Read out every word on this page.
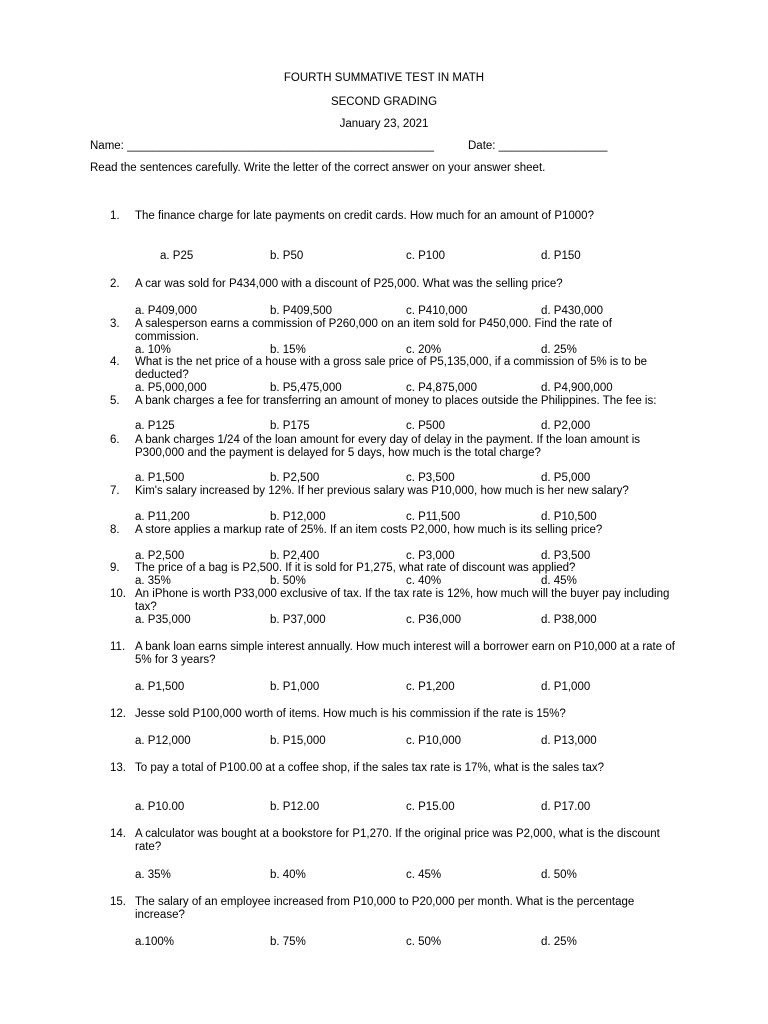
FOURTH SUMMATIVE TEST IN MATH
SECOND GRADING
January 23, 2021
Name: ________________________________________________	Date: _________________
Read the sentences carefully. Write the letter of the correct answer on your answer sheet.
1.	The finance charge for late payments on credit cards. How much for an amount of P1000?
a. P25	b. P50	c. P100	d. P150
2.	A car was sold for P434,000 with a discount of P25,000. What was the selling price?
a. P409,000	b. P409,500	c. P410,000	d. P430,000
3.	A salesperson earns a commission of P260,000 on an item sold for P450,000. Find the rate of commission.
a. 10%	b. 15%	c. 20%	d. 25%
4.	What is the net price of a house with a gross sale price of P5,135,000, if a commission of 5% is to be deducted?
a. P5,000,000	b. P5,475,000	c. P4,875,000	d. P4,900,000
5.	A bank charges a fee for transferring an amount of money to places outside the Philippines. The fee is:
a. P125	b. P175	c. P500	d. P2,000
6.	A bank charges 1/24 of the loan amount for every day of delay in the payment. If the loan amount is P300,000 and the payment is delayed for 5 days, how much is the total charge?
a. P1,500	b. P2,500	c. P3,500	d. P5,000
7.	Kim's salary increased by 12%. If her previous salary was P10,000, how much is her new salary?
a. P11,200	b. P12,000	c. P11,500	d. P10,500
8.	A store applies a markup rate of 25%. If an item costs P2,000, how much is its selling price?
a. P2,500	b. P2,400	c. P3,000	d. P3,500
9.	The price of a bag is P2,500. If it is sold for P1,275, what rate of discount was applied?
a. 35%	b. 50%	c. 40%	d. 45%
10. An iPhone is worth P33,000 exclusive of tax. If the tax rate is 12%, how much will the buyer pay including tax?
a. P35,000	b. P37,000	c. P36,000	d. P38,000
11. A bank loan earns simple interest annually. How much interest will a borrower earn on P10,000 at a rate of 5% for 3 years?
a. P1,500	b. P1,000	c. P1,200	d. P1,000
12. Jesse sold P100,000 worth of items. How much is his commission if the rate is 15%?
a. P12,000	b. P15,000	c. P10,000	d. P13,000
13. To pay a total of P100.00 at a coffee shop, if the sales tax rate is 17%, what is the sales tax?
a. P10.00	b. P12.00	c. P15.00	d. P17.00
14. A calculator was bought at a bookstore for P1,270. If the original price was P2,000, what is the discount rate?
a. 35%	b. 40%	c. 45%	d. 50%
15. The salary of an employee increased from P10,000 to P20,000 per month. What is the percentage increase?
a.100%	b. 75%	c. 50%	d. 25%
